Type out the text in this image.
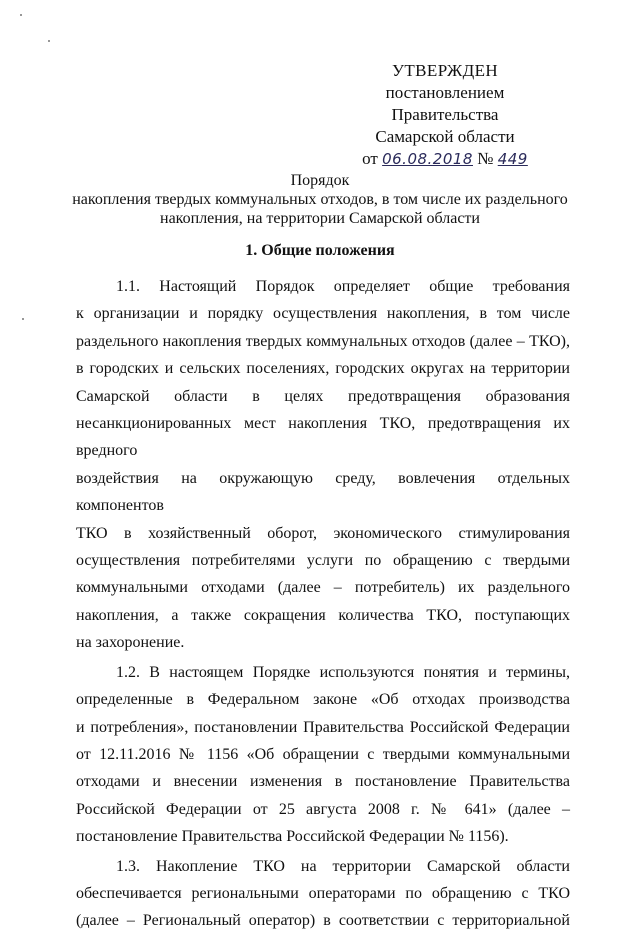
УТВЕРЖДЕН
постановлением Правительства
Самарской области
от 06.08.2018 № 449
Порядок
накопления твердых коммунальных отходов, в том числе их раздельного
накопления, на территории Самарской области
1. Общие положения

1.1. Настоящий Порядок определяет общие требования
к организации и порядку осуществления накопления, в том числе
раздельного накопления твердых коммунальных отходов (далее – ТКО),
в городских и сельских поселениях, городских округах на территории
Самарской области в целях предотвращения образования
несанкционированных мест накопления ТКО, предотвращения их вредного
воздействия на окружающую среду, вовлечения отдельных компонентов
ТКО в хозяйственный оборот, экономического стимулирования
осуществления потребителями услуги по обращению с твердыми
коммунальными отходами (далее – потребитель) их раздельного
накопления, а также сокращения количества ТКО, поступающих
на захоронение.

1.2. В настоящем Порядке используются понятия и термины,
определенные в Федеральном законе «Об отходах производства
и потребления», постановлении Правительства Российской Федерации
от 12.11.2016 № 1156 «Об обращении с твердыми коммунальными
отходами и внесении изменения в постановление Правительства
Российской Федерации от 25 августа 2008 г. № 641» (далее –
постановление Правительства Российской Федерации № 1156).

1.3. Накопление ТКО на территории Самарской области
обеспечивается региональными операторами по обращению с ТКО
(далее – Региональный оператор) в соответствии с территориальной
